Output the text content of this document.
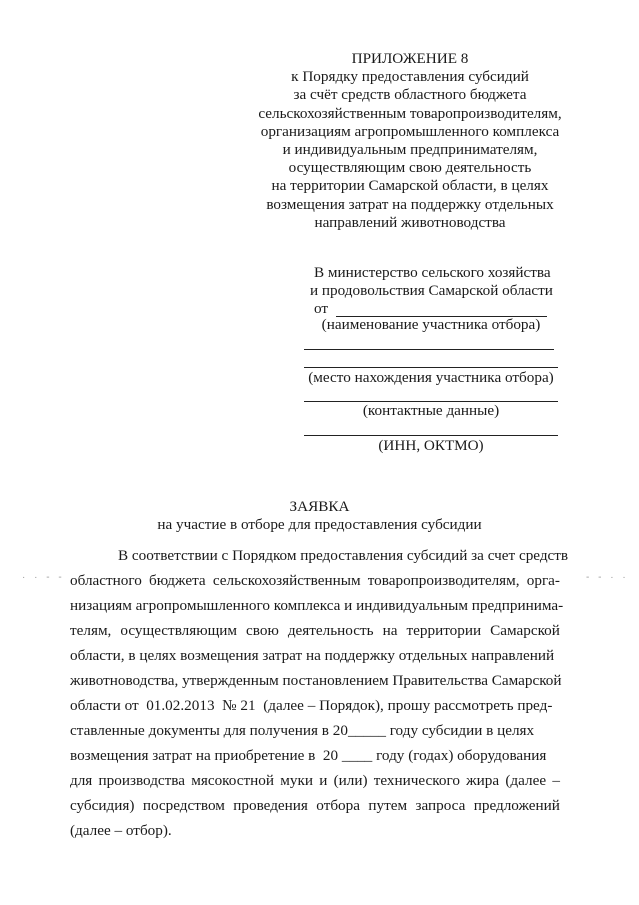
ПРИЛОЖЕНИЕ 8
к Порядку предоставления субсидий
за счёт средств областного бюджета
сельскохозяйственным товаропроизводителям,
организациям агропромышленного комплекса
и индивидуальным предпринимателям,
осуществляющим свою деятельность
на территории Самарской области, в целях
возмещения затрат на поддержку отдельных
направлений животноводства
В министерство сельского хозяйства
и продовольствия Самарской области
от
(наименование участника отбора)
(место нахождения участника отбора)
(контактные данные)
(ИНН, ОКТМО)
ЗАЯВКА
на участие в отборе для предоставления субсидии
В соответствии с Порядком предоставления субсидий за счет средств
областного бюджета сельскохозяйственным товаропроизводителям, орга-
низациям агропромышленного комплекса и индивидуальным предпринима-
телям, осуществляющим свою деятельность на территории Самарской
области, в целях возмещения затрат на поддержку отдельных направлений
животноводства, утвержденным постановлением Правительства Самарской
области от  01.02.2013  № 21  (далее – Порядок), прошу рассмотреть пред-
ставленные документы для получения в 20_____ году субсидии в целях
возмещения затрат на приобретение в  20 ____ году (годах) оборудования
для производства мясокостной муки и (или) технического жира (далее –
субсидия) посредством проведения отбора путем запроса предложений
(далее – отбор).
· · - -	- - · ·
